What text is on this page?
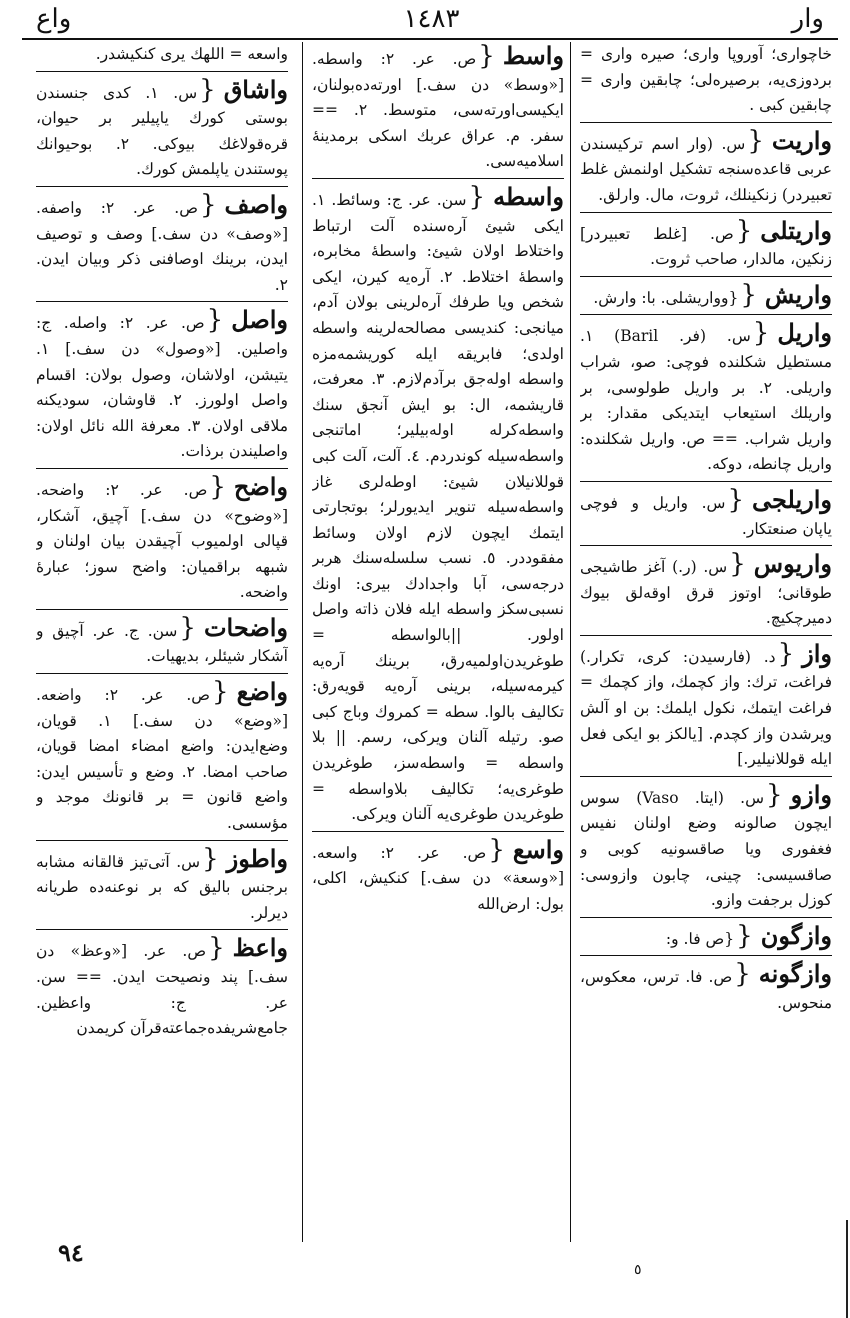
وار
١٤٨٣
واع
خاچواری؛ آوروپا واری؛ صیره واری = بردوزی‌یه، برصیره‌لی؛ چابقین واری = چابقین کبی .
واریت{س. (وار اسم ترکیسندن عربی قاعده‌سنجه تشکیل اولنمش غلط تعبیردر) زنکینلك، ثروت، مال. وارلق.
واریتلی{ص. [غلط تعبیردر] زنکین، مالدار، صاحب ثروت.
واریش{{وواریشلی. با: وارش.
واریل{س. (فر. Baril) ١. مستطیل شکلنده فوچی: صو، شراب واریلی. ٢. بر واریل طولوسی، بر واریلك استیعاب ایتدیکی مقدار: بر واریل شراب. == ص. واریل شکلنده: واریل چانطه، دوکه.
واریلجی{س. واریل و فوچی یاپان صنعتکار.
واریوس{س. (ر.) آغز طاشیجی طوقانی؛ اوتوز قرق اوقه‌لق بیوك دمیرچکیچ.
واز{د. (فارسیدن: کری، تکرار.) فراغت، ترك: واز کچمك، واز کچمك = فراغت ایتمك، نکول ایلمك: بن او آلش ویرشدن واز کچدم. [یالکز بو ایکی فعل ایله قوللانیلیر.]
وازو{س. (ایتا. Vaso) سوس ایچون صالونه وضع اولنان نفیس فغفوری ویا صاقسونیه کوبی و صاقسیسی: چینی، چابون وازوسی: کوزل برجفت وازو.
وازگون{{ص فا. و:
وازگونه{ص. فا. ترس، معکوس، منحوس.
واسط{ص. عر. ٢: واسطه. [«وسط» دن سف.] اورته‌ده‌بولنان، ایکیسی‌اورته‌سی، متوسط. ٢. == سفر. م. عراق عربك اسکی برمدینهٔ اسلامیه‌سی.
واسطه{سن. عر. ج: وسائط. ١. ایکی شیئ آره‌سنده آلت ارتباط واختلاط اولان شیئ: واسطهٔ مخابره، واسطهٔ اختلاط. ٢. آره‌یه کیرن، ایکی شخص ویا طرفك آره‌لرینی بولان آدم، میانجی: کندیسی مصالحه‌لرینه واسطه اولدی؛ فابریقه ایله کوریشمه‌مزه واسطه اوله‌جق برآدم‌لازم. ٣. معرفت، قاریشمه، ال: بو ایش آنجق سنك واسطه‌کرله اوله‌بیلیر؛ اماتنجی واسطه‌سیله کوندردم. ٤. آلت، آلت کبی قوللانیلان شیئ: اوطه‌لری غاز واسطه‌سیله تنویر ایدیورلر؛ بوتجارتی ایتمك ایچون لازم اولان وسائط مفقوددر. ٥. نسب سلسله‌سنك هربر درجه‌سی، آبا واجدادك بیری: اونك نسبی‌سکز واسطه ایله فلان ذاته واصل اولور. ||بالواسطه = طوغریدن‌اولمیه‌رق، برینك آره‌یه کیرمه‌سیله، برینی آره‌یه قویه‌رق: تکالیف بالوا. سطه = کمروك وباج کبی صو. رتیله آلنان ویرکی، رسم. || بلا واسطه = واسطه‌سز، طوغریدن طوغری‌یه؛ تکالیف بلاواسطه = طوغریدن طوغری‌یه آلنان ویرکی.
واسع{ص. عر. ٢: واسعه. [«وسعة» دن سف.] کنکیش، اکلی، بول: ارض‌الله
واسعه = اللهك یری کنکیشدر.
واشاق{س. ١. کدی جنسندن بوستی کورك یاپیلیر بر حیوان، قره‌قولاغك بیوکی. ٢. بوحیوانك پوستندن یاپلمش کورك.
واصف{ص. عر. ٢: واصفه. [«وصف» دن سف.] وصف و توصیف ایدن، برینك اوصافنی ذکر وبیان ایدن. ٢.
واصل{ص. عر. ٢: واصله. ج: واصلین. [«وصول» دن سف.] ١. یتیشن، اولاشان، وصول بولان: اقسام واصل اولورز. ٢. قاوشان، سودیکنه ملاقی اولان. ٣. معرفة الله نائل اولان: واصلیندن برذات.
واضح{ص. عر. ٢: واضحه. [«وضوح» دن سف.] آچیق، آشکار، قپالی اولمیوب آچیقدن بیان اولنان و شبهه براقمیان: واضح سوز؛ عبارهٔ واضحه.
واضحات{سن. ج. عر. آچیق و آشکار شیئلر، بدیهیات.
واضع{ص. عر. ٢: واضعه. [«وضع» دن سف.] ١. قویان، وضع‌ایدن: واضع امضاء امضا قویان، صاحب امضا. ٢. وضع و تأسیس ایدن: واضع قانون = بر قانونك موجد و مؤسسی.
واطوز{س. آتی‌تیز قالقانه مشابه برجنس بالیق که بر نوعنه‌ده طریانه دیرلر.
واعظ{ص. عر. [«وعظ» دن سف.] پند ونصیحت ایدن. == سن. عر. ج: واعظین. جامع‌شریفده‌جماعته‌قرآن کریمدن
٩٤
٥
